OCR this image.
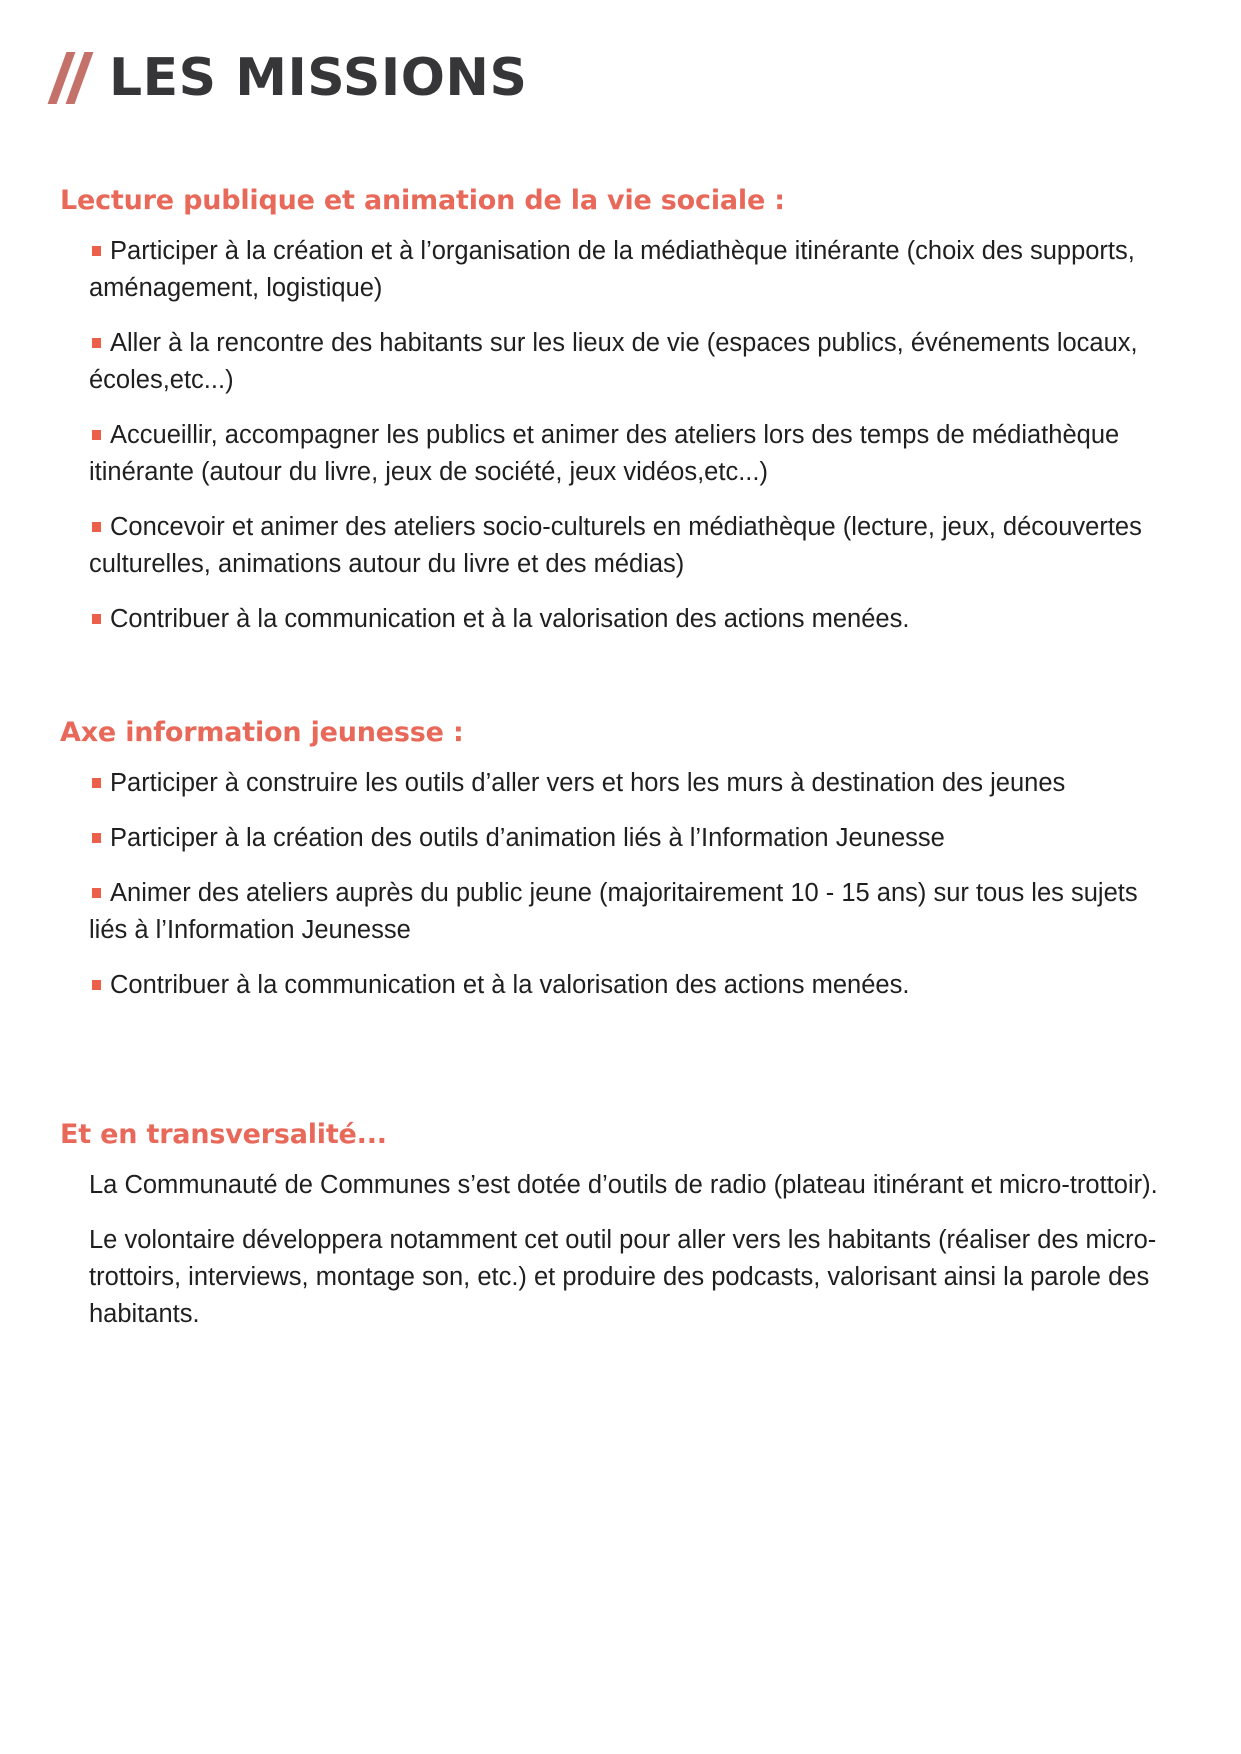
LES MISSIONS
Lecture publique et animation de la vie sociale :

Participer à la création et à l’organisation de la médiathèque itinérante (choix des supports, aménagement, logistique)

Aller à la rencontre des habitants sur les lieux de vie (espaces publics, événements locaux, écoles,etc...)

Accueillir, accompagner les publics et animer des ateliers lors des temps de médiathèque itinérante (autour du livre, jeux de société, jeux vidéos,etc...)

Concevoir et animer des ateliers socio-culturels en médiathèque (lecture, jeux, découvertes culturelles, animations autour du livre et des médias)

Contribuer à la communication et à la valorisation des actions menées.

Axe information jeunesse :

Participer à construire les outils d’aller vers et hors les murs à destination des jeunes

Participer à la création des outils d’animation liés à l’Information Jeunesse

Animer des ateliers auprès du public jeune (majoritairement 10 - 15 ans) sur tous les sujets liés à l’Information Jeunesse

Contribuer à la communication et à la valorisation des actions menées.

Et en transversalité...

La Communauté de Communes s’est dotée d’outils de radio (plateau itinérant et micro-trottoir).

Le volontaire développera notamment cet outil pour aller vers les habitants (réaliser des micro-trottoirs, interviews, montage son, etc.) et produire des podcasts, valorisant ainsi la parole des habitants.
